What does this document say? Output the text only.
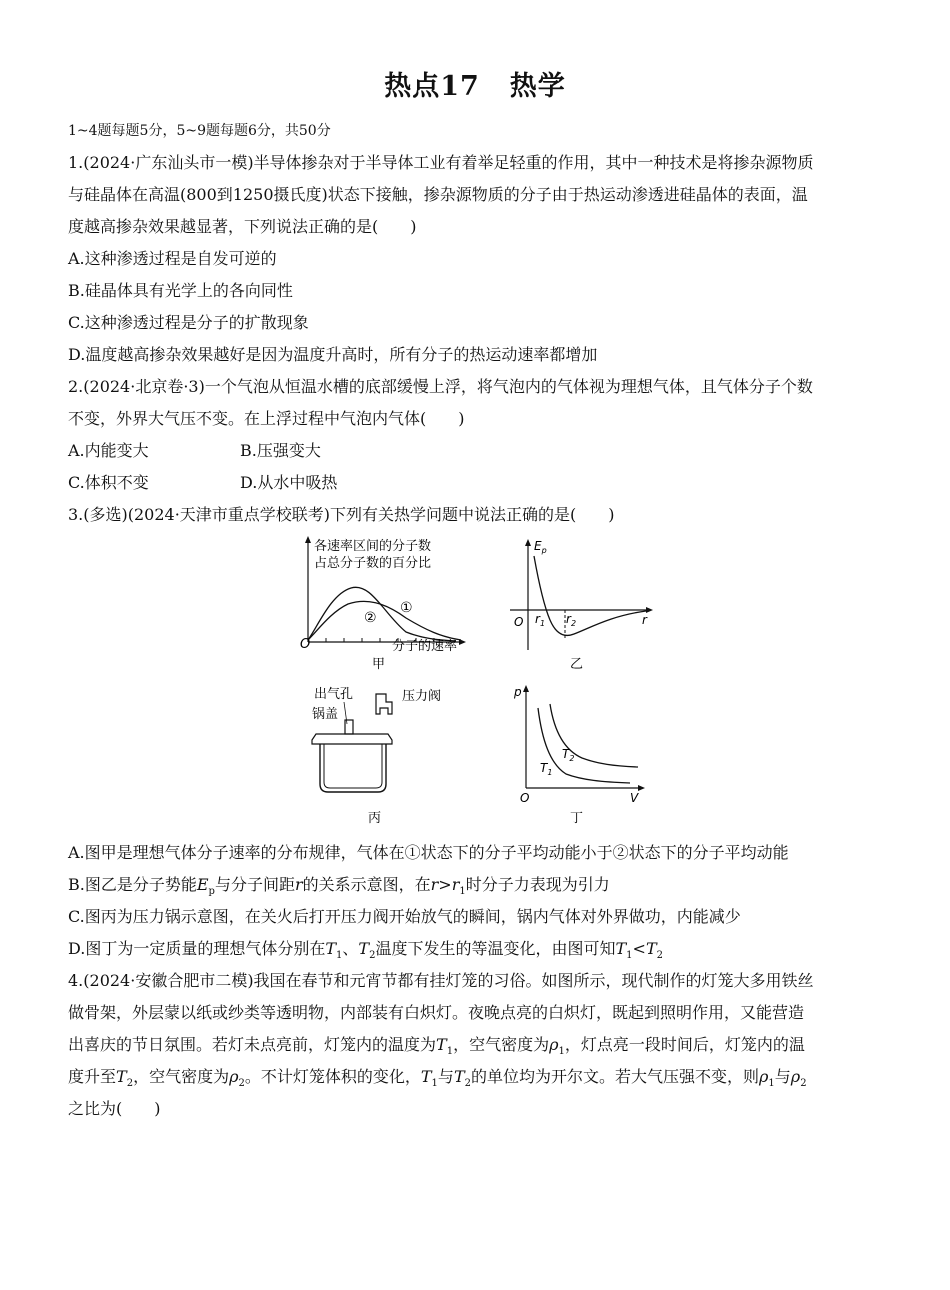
热点17 热学
1~4题每题5分，5~9题每题6分，共50分
1.(2024·广东汕头市一模)半导体掺杂对于半导体工业有着举足轻重的作用，其中一种技术是将掺杂源物质
与硅晶体在高温(800到1250摄氏度)状态下接触，掺杂源物质的分子由于热运动渗透进硅晶体的表面，温
度越高掺杂效果越显著，下列说法正确的是(　　)
A.这种渗透过程是自发可逆的
B.硅晶体具有光学上的各向同性
C.这种渗透过程是分子的扩散现象
D.温度越高掺杂效果越好是因为温度升高时，所有分子的热运动速率都增加
2.(2024·北京卷·3)一个气泡从恒温水槽的底部缓慢上浮，将气泡内的气体视为理想气体，且气体分子个数
不变，外界大气压不变。在上浮过程中气泡内气体(　　)
A.内能变大	B.压强变大
C.体积不变	D.从水中吸热
3.(多选)(2024·天津市重点学校联考)下列有关热学问题中说法正确的是(　　)
各速率区间的分子数
占总分子数的百分比
①
②
O	分子的速率
甲
$E_p$
O $r_1$ $r_2$	r
乙
出气孔
锅盖
压力阀
丙
p
O	V
$T_2$
$T_1$
丁
A.图甲是理想气体分子速率的分布规律，气体在①状态下的分子平均动能小于②状态下的分子平均动能
B.图乙是分子势能$E_p$与分子间距r的关系示意图，在$r>r_1$时分子力表现为引力
C.图丙为压力锅示意图，在关火后打开压力阀开始放气的瞬间，锅内气体对外界做功，内能减少
D.图丁为一定质量的理想气体分别在$T_1$、$T_2$温度下发生的等温变化，由图可知$T_1<T_2$
4.(2024·安徽合肥市二模)我国在春节和元宵节都有挂灯笼的习俗。如图所示，现代制作的灯笼大多用铁丝
做骨架，外层蒙以纸或纱类等透明物，内部装有白炽灯。夜晚点亮的白炽灯，既起到照明作用，又能营造
出喜庆的节日氛围。若灯未点亮前，灯笼内的温度为$T_1$，空气密度为$\rho_1$，灯点亮一段时间后，灯笼内的温
度升至$T_2$，空气密度为$\rho_2$。不计灯笼体积的变化，$T_1$与$T_2$的单位均为开尔文。若大气压强不变，则$\rho_1$与$\rho_2$
之比为(　　)
